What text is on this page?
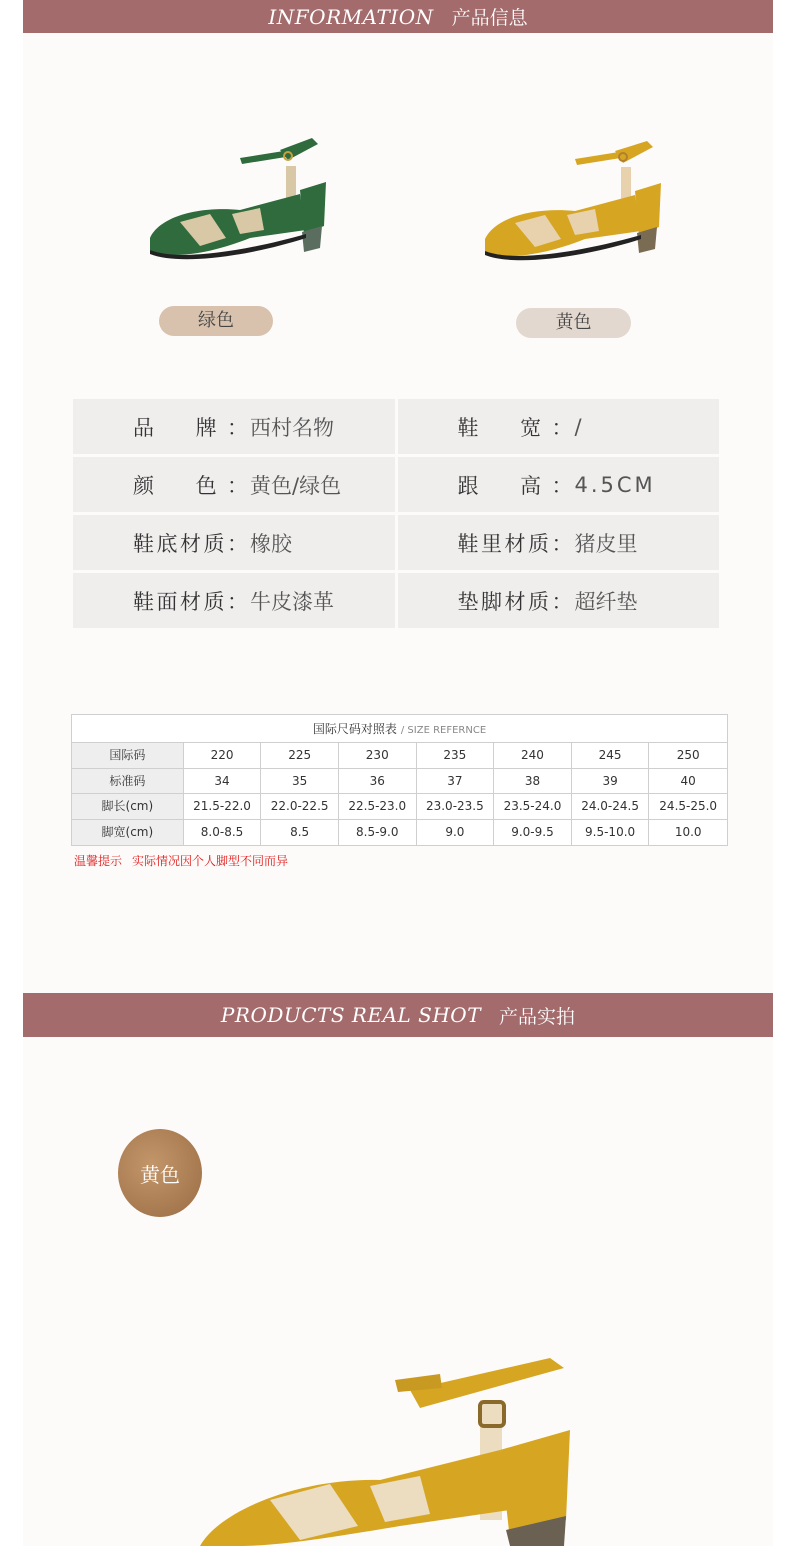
INFORMATION 产品信息
绿色	黄色
品　牌： 西村名物	鞋　宽： /
颜　色： 黄色/绿色	跟　高： 4.5CM
鞋底材质： 橡胶	鞋里材质： 猪皮里
鞋面材质： 牛皮漆革	垫脚材质： 超纤垫
国际尺码对照表 / SIZE REFERNCE
国际码	220	225	230	235	240	245	250
标准码	34	35	36	37	38	39	40
脚长(cm)	21.5-22.0	22.0-22.5	22.5-23.0	23.0-23.5	23.5-24.0	24.0-24.5	24.5-25.0
脚宽(cm)	8.0-8.5	8.5	8.5-9.0	9.0	9.0-9.5	9.5-10.0	10.0
温馨提示 实际情况因个人脚型不同而异
PRODUCTS REAL SHOT 产品实拍
黄色
